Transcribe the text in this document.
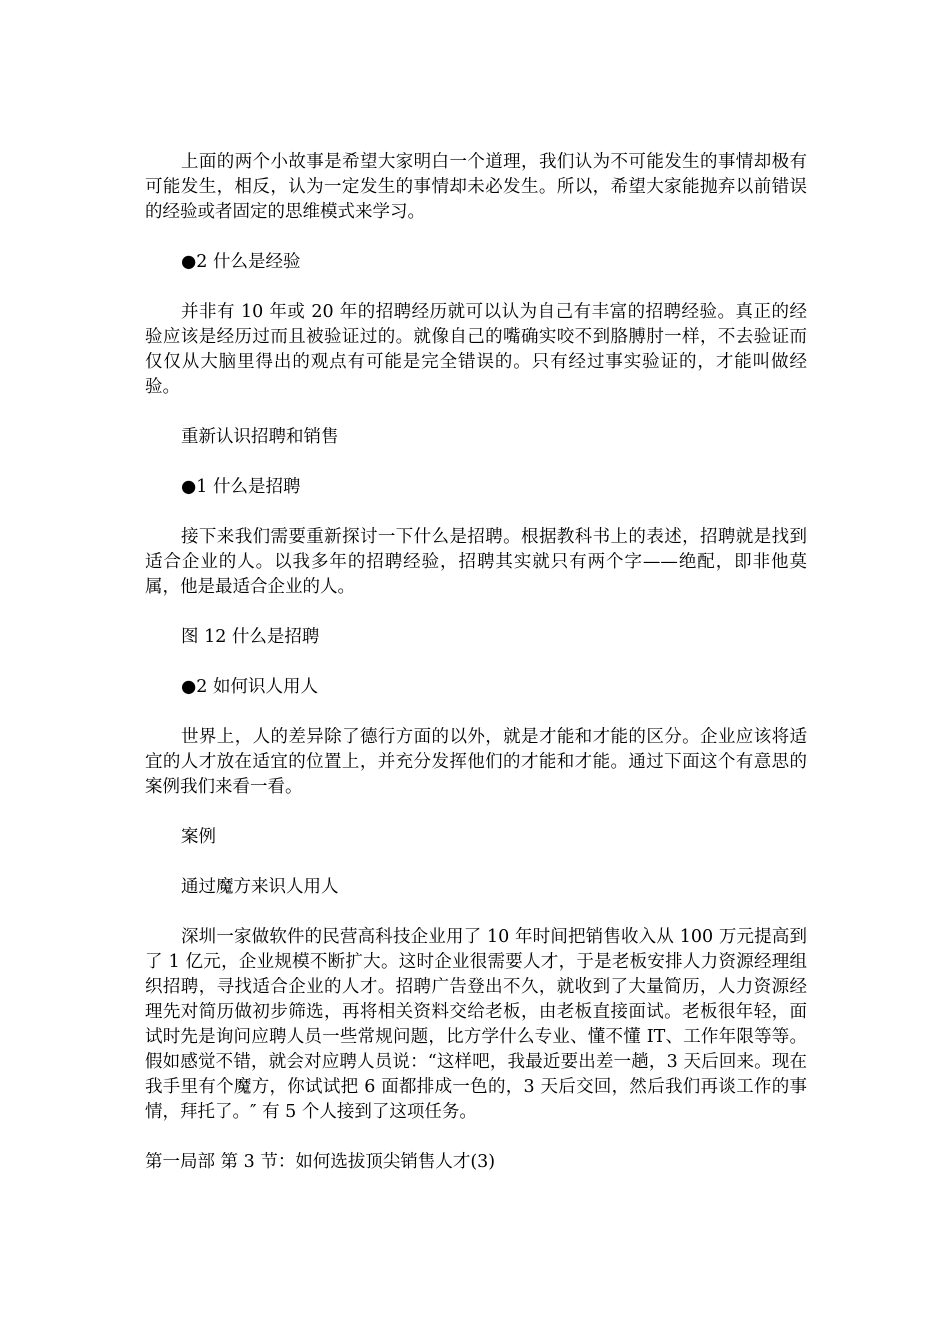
上面的两个小故事是希望大家明白一个道理，我们认为不可能发生的事情却极有可能发生，相反，认为一定发生的事情却未必发生。所以，希望大家能抛弃以前错误的经验或者固定的思维模式来学习。

●2 什么是经验

并非有 10 年或 20 年的招聘经历就可以认为自己有丰富的招聘经验。真正的经验应该是经历过而且被验证过的。就像自己的嘴确实咬不到胳膊肘一样，不去验证而仅仅从大脑里得出的观点有可能是完全错误的。只有经过事实验证的，才能叫做经验。

重新认识招聘和销售

●1 什么是招聘

接下来我们需要重新探讨一下什么是招聘。根据教科书上的表述，招聘就是找到适合企业的人。以我多年的招聘经验，招聘其实就只有两个字——绝配，即非他莫属，他是最适合企业的人。

图 12 什么是招聘

●2 如何识人用人

世界上，人的差异除了德行方面的以外，就是才能和才能的区分。企业应该将适宜的人才放在适宜的位置上，并充分发挥他们的才能和才能。通过下面这个有意思的案例我们来看一看。

案例

通过魔方来识人用人

深圳一家做软件的民营高科技企业用了 10 年时间把销售收入从 100 万元提高到了 1 亿元，企业规模不断扩大。这时企业很需要人才，于是老板安排人力资源经理组织招聘，寻找适合企业的人才。招聘广告登出不久，就收到了大量简历，人力资源经理先对简历做初步筛选，再将相关资料交给老板，由老板直接面试。老板很年轻，面试时先是询问应聘人员一些常规问题，比方学什么专业、懂不懂 IT、工作年限等等。假如感觉不错，就会对应聘人员说：“这样吧，我最近要出差一趟，3 天后回来。现在我手里有个魔方，你试试把 6 面都排成一色的，3 天后交回，然后我们再谈工作的事情，拜托了。″ 有 5 个人接到了这项任务。

第一局部 第 3 节：如何选拔顶尖销售人才(3)
